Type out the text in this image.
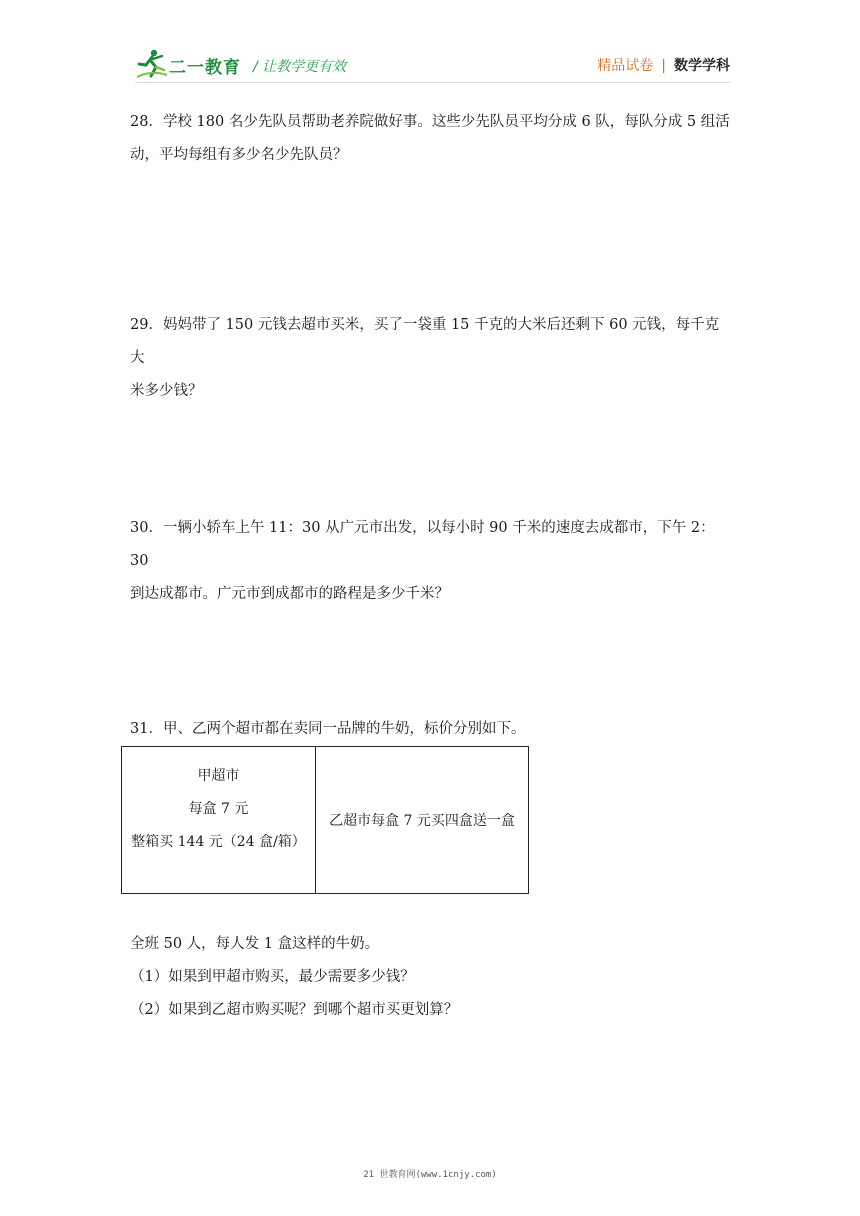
二一教育 / 让教学更有效	精品试卷 | 数学学科

28．学校 180 名少先队员帮助老养院做好事。这些少先队员平均分成 6 队，每队分成 5 组活

动，平均每组有多少名少先队员？

29．妈妈带了 150 元钱去超市买米，买了一袋重 15 千克的大米后还剩下 60 元钱，每千克大

米多少钱？

30．一辆小轿车上午 11：30 从广元市出发，以每小时 90 千米的速度去成都市，下午 2：30

到达成都市。广元市到成都市的路程是多少千米？

31．甲、乙两个超市都在卖同一品牌的牛奶，标价分别如下。

甲超市
每盒 7 元
整箱买 144 元（24 盒/箱）
	乙超市每盒 7 元买四盒送一盒

全班 50 人，每人发 1 盒这样的牛奶。

（1）如果到甲超市购买，最少需要多少钱？

（2）如果到乙超市购买呢？到哪个超市买更划算？

21 世教育网(www.1cnjy.com)
